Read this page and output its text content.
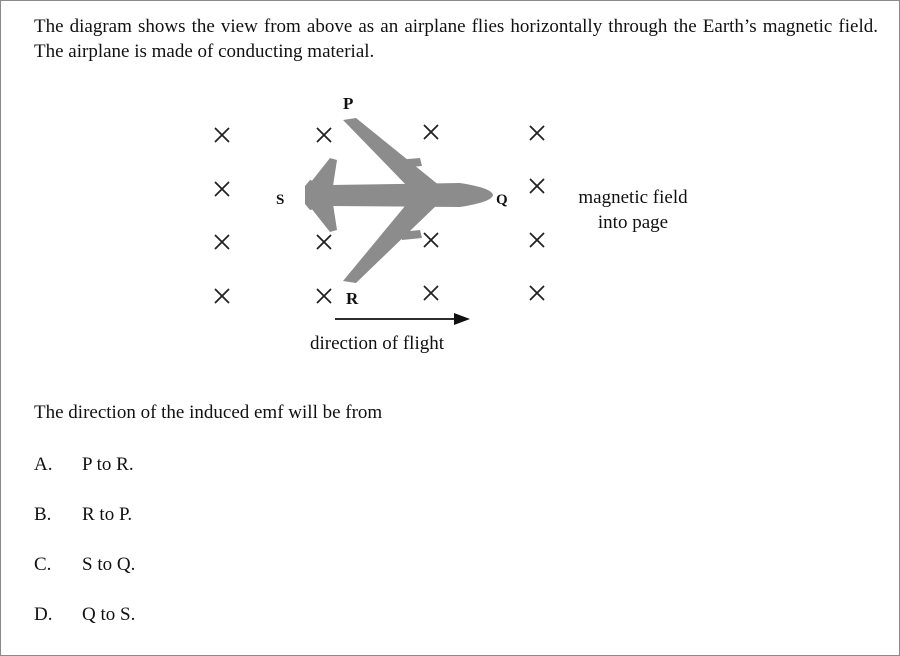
The diagram shows the view from above as an airplane flies horizontally through the Earth’s magnetic field. The airplane is made of conducting material.
P
S	Q
R
magnetic field
into page
direction of flight
The direction of the induced emf will be from
A. P to R.
B. R to P.
C. S to Q.
D. Q to S.
